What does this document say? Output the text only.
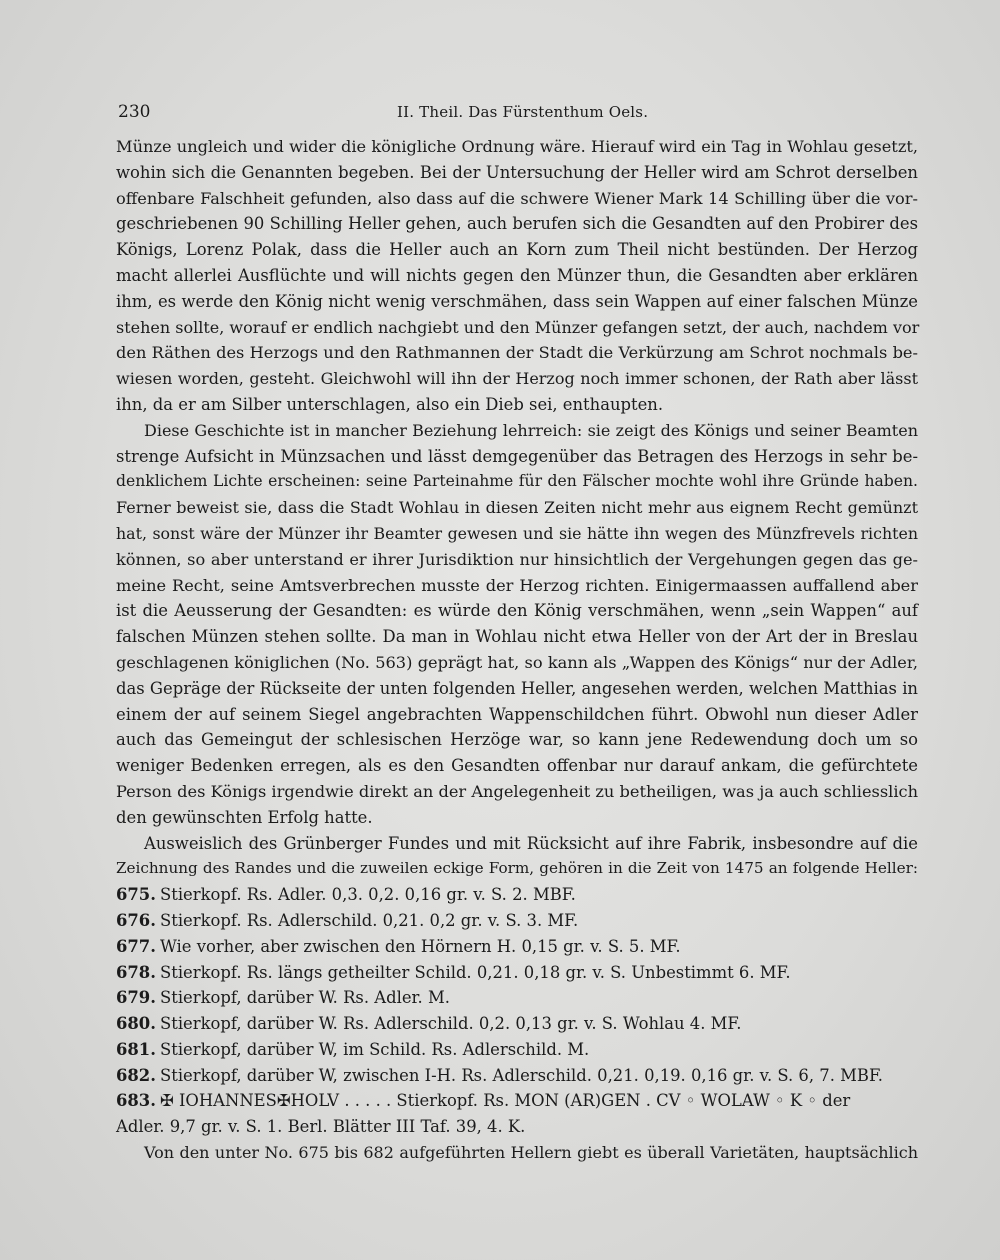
230	II. Theil. Das Fürstenthum Oels.
Münze ungleich und wider die königliche Ordnung wäre. Hierauf wird ein Tag in Wohlau gesetzt,
wohin sich die Genannten begeben. Bei der Untersuchung der Heller wird am Schrot derselben
offenbare Falschheit gefunden, also dass auf die schwere Wiener Mark 14 Schilling über die vor-
geschriebenen 90 Schilling Heller gehen, auch berufen sich die Gesandten auf den Probirer des
Königs, Lorenz Polak, dass die Heller auch an Korn zum Theil nicht bestünden. Der Herzog
macht allerlei Ausflüchte und will nichts gegen den Münzer thun, die Gesandten aber erklären
ihm, es werde den König nicht wenig verschmähen, dass sein Wappen auf einer falschen Münze
stehen sollte, worauf er endlich nachgiebt und den Münzer gefangen setzt, der auch, nachdem vor
den Räthen des Herzogs und den Rathmannen der Stadt die Verkürzung am Schrot nochmals be-
wiesen worden, gesteht. Gleichwohl will ihn der Herzog noch immer schonen, der Rath aber lässt
ihn, da er am Silber unterschlagen, also ein Dieb sei, enthaupten.
Diese Geschichte ist in mancher Beziehung lehrreich: sie zeigt des Königs und seiner Beamten
strenge Aufsicht in Münzsachen und lässt demgegenüber das Betragen des Herzogs in sehr be-
denklichem Lichte erscheinen: seine Parteinahme für den Fälscher mochte wohl ihre Gründe haben.
Ferner beweist sie, dass die Stadt Wohlau in diesen Zeiten nicht mehr aus eignem Recht gemünzt
hat, sonst wäre der Münzer ihr Beamter gewesen und sie hätte ihn wegen des Münzfrevels richten
können, so aber unterstand er ihrer Jurisdiktion nur hinsichtlich der Vergehungen gegen das ge-
meine Recht, seine Amtsverbrechen musste der Herzog richten. Einigermaassen auffallend aber
ist die Aeusserung der Gesandten: es würde den König verschmähen, wenn „sein Wappen“ auf
falschen Münzen stehen sollte. Da man in Wohlau nicht etwa Heller von der Art der in Breslau
geschlagenen königlichen (No. 563) geprägt hat, so kann als „Wappen des Königs“ nur der Adler,
das Gepräge der Rückseite der unten folgenden Heller, angesehen werden, welchen Matthias in
einem der auf seinem Siegel angebrachten Wappenschildchen führt. Obwohl nun dieser Adler
auch das Gemeingut der schlesischen Herzöge war, so kann jene Redewendung doch um so
weniger Bedenken erregen, als es den Gesandten offenbar nur darauf ankam, die gefürchtete
Person des Königs irgendwie direkt an der Angelegenheit zu betheiligen, was ja auch schliesslich
den gewünschten Erfolg hatte.
Ausweislich des Grünberger Fundes und mit Rücksicht auf ihre Fabrik, insbesondre auf die
Zeichnung des Randes und die zuweilen eckige Form, gehören in die Zeit von 1475 an folgende Heller:
675. Stierkopf. Rs. Adler. 0,3. 0,2. 0,16 gr. v. S. 2. MBF.
676. Stierkopf. Rs. Adlerschild. 0,21. 0,2 gr. v. S. 3. MF.
677. Wie vorher, aber zwischen den Hörnern H. 0,15 gr. v. S. 5. MF.
678. Stierkopf. Rs. längs getheilter Schild. 0,21. 0,18 gr. v. S. Unbestimmt 6. MF.
679. Stierkopf, darüber W. Rs. Adler. M.
680. Stierkopf, darüber W. Rs. Adlerschild. 0,2. 0,13 gr. v. S. Wohlau 4. MF.
681. Stierkopf, darüber W, im Schild. Rs. Adlerschild. M.
682. Stierkopf, darüber W, zwischen I-H. Rs. Adlerschild. 0,21. 0,19. 0,16 gr. v. S. 6, 7. MBF.
683. ✠ IOHANNES✠HOLV . . . . . Stierkopf. Rs. MON (AR)GEN . CV ◦ WOLAW ◦ K ◦ der
Adler. 9,7 gr. v. S. 1. Berl. Blätter III Taf. 39, 4. K.
Von den unter No. 675 bis 682 aufgeführten Hellern giebt es überall Varietäten, hauptsächlich
